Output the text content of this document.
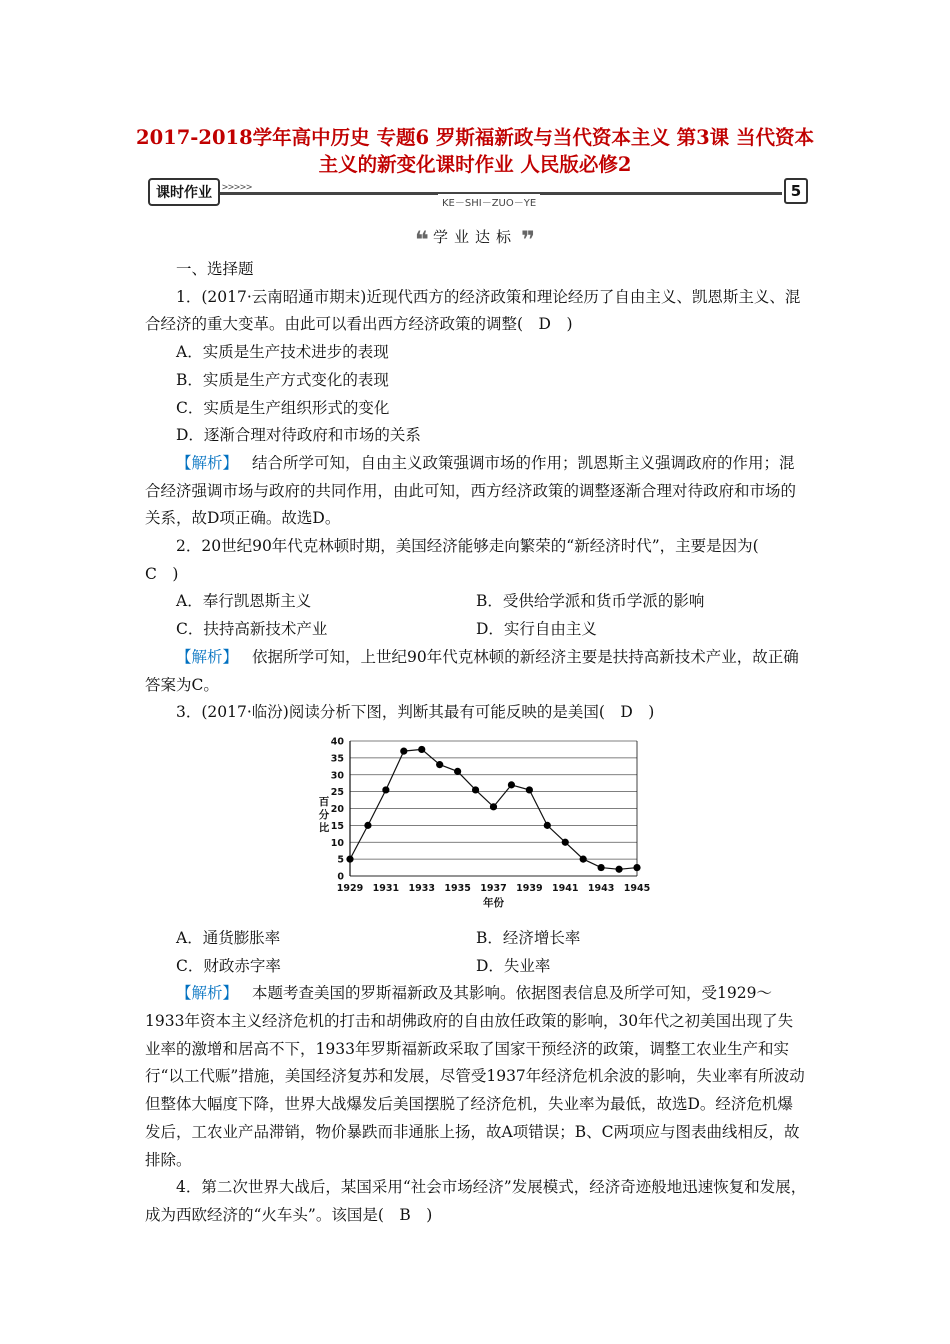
2017-2018学年高中历史 专题6 罗斯福新政与当代资本主义 第3课 当代资本主义的新变化课时作业 人民版必修2
课时作业	>>>>>
KE－SHI－ZUO－YE
5
❝ 学业达标 ❞

一、选择题

1．(2017·云南昭通市期末)近现代西方的经济政策和理论经历了自由主义、凯恩斯主义、混合经济的重大变革。由此可以看出西方经济政策的调整(　D　)

A．实质是生产技术进步的表现

B．实质是生产方式变化的表现

C．实质是生产组织形式的变化

D．逐渐合理对待政府和市场的关系

【解析】 结合所学可知，自由主义政策强调市场的作用；凯恩斯主义强调政府的作用；混合经济强调市场与政府的共同作用，由此可知，西方经济政策的调整逐渐合理对待政府和市场的关系，故D项正确。故选D。

2．20世纪90年代克林顿时期，美国经济能够走向繁荣的“新经济时代”，主要是因为(　C　)

A．奉行凯恩斯主义	B．受供给学派和货币学派的影响
C．扶持高新技术产业	D．实行自由主义

【解析】 依据所学可知，上世纪90年代克林顿的新经济主要是扶持高新技术产业，故正确答案为C。

3．(2017·临汾)阅读分析下图，判断其最有可能反映的是美国(　D　)

0
5
10
15
20
25
30
35
40
1929 1931 1933 1935 1937 1939 1941 1943 1945
百
分
比
年份
A．通货膨胀率	B．经济增长率
C．财政赤字率	D．失业率

【解析】 本题考查美国的罗斯福新政及其影响。依据图表信息及所学可知，受1929～1933年资本主义经济危机的打击和胡佛政府的自由放任政策的影响，30年代之初美国出现了失业率的激增和居高不下，1933年罗斯福新政采取了国家干预经济的政策，调整工农业生产和实行“以工代赈”措施，美国经济复苏和发展，尽管受1937年经济危机余波的影响，失业率有所波动但整体大幅度下降，世界大战爆发后美国摆脱了经济危机，失业率为最低，故选D。经济危机爆发后，工农业产品滞销，物价暴跌而非通胀上扬，故A项错误；B、C两项应与图表曲线相反，故排除。

4．第二次世界大战后，某国采用“社会市场经济”发展模式，经济奇迹般地迅速恢复和发展，成为西欧经济的“火车头”。该国是(　B　)
